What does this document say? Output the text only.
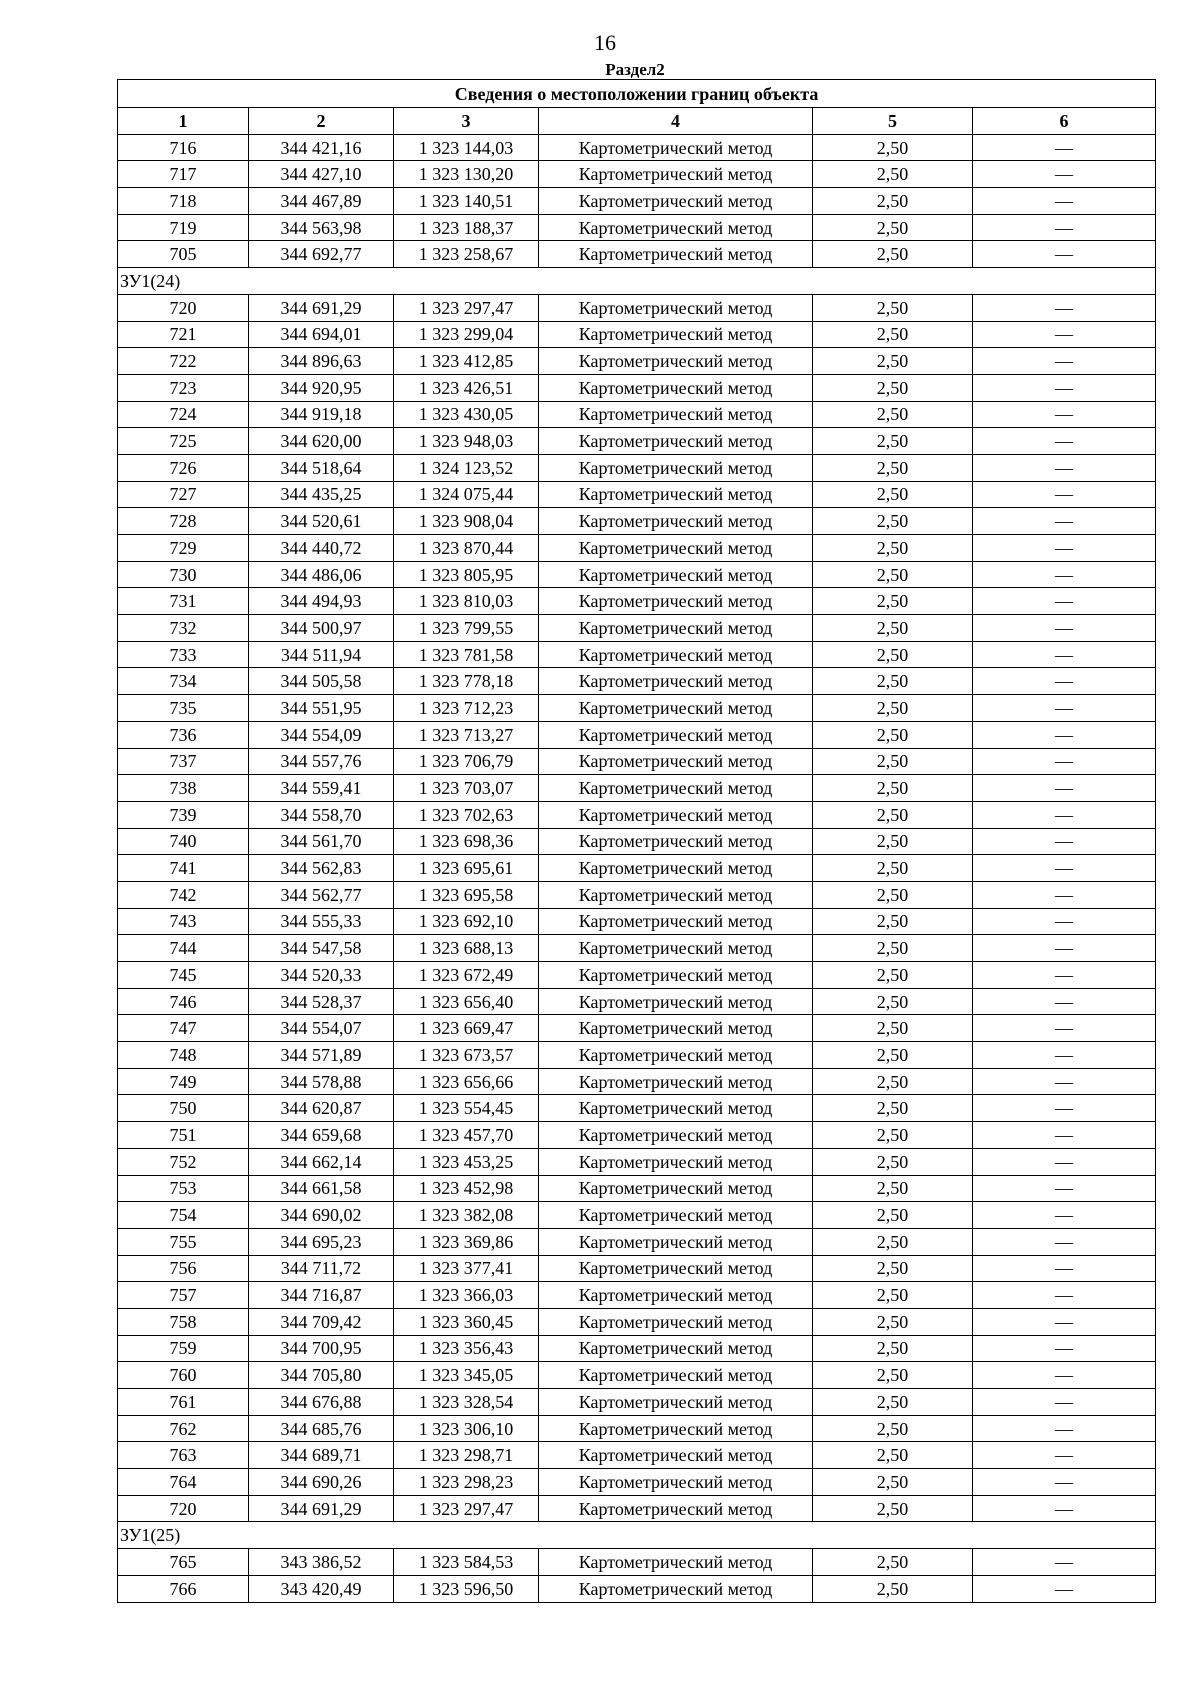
16
Раздел2
Сведения о местоположении границ объекта					
1	2	3	4	5	6
716	344 421,16	1 323 144,03	Картометрический метод	2,50	—
717	344 427,10	1 323 130,20	Картометрический метод	2,50	—
718	344 467,89	1 323 140,51	Картометрический метод	2,50	—
719	344 563,98	1 323 188,37	Картометрический метод	2,50	—
705	344 692,77	1 323 258,67	Картометрический метод	2,50	—
ЗУ1(24)					
720	344 691,29	1 323 297,47	Картометрический метод	2,50	—
721	344 694,01	1 323 299,04	Картометрический метод	2,50	—
722	344 896,63	1 323 412,85	Картометрический метод	2,50	—
723	344 920,95	1 323 426,51	Картометрический метод	2,50	—
724	344 919,18	1 323 430,05	Картометрический метод	2,50	—
725	344 620,00	1 323 948,03	Картометрический метод	2,50	—
726	344 518,64	1 324 123,52	Картометрический метод	2,50	—
727	344 435,25	1 324 075,44	Картометрический метод	2,50	—
728	344 520,61	1 323 908,04	Картометрический метод	2,50	—
729	344 440,72	1 323 870,44	Картометрический метод	2,50	—
730	344 486,06	1 323 805,95	Картометрический метод	2,50	—
731	344 494,93	1 323 810,03	Картометрический метод	2,50	—
732	344 500,97	1 323 799,55	Картометрический метод	2,50	—
733	344 511,94	1 323 781,58	Картометрический метод	2,50	—
734	344 505,58	1 323 778,18	Картометрический метод	2,50	—
735	344 551,95	1 323 712,23	Картометрический метод	2,50	—
736	344 554,09	1 323 713,27	Картометрический метод	2,50	—
737	344 557,76	1 323 706,79	Картометрический метод	2,50	—
738	344 559,41	1 323 703,07	Картометрический метод	2,50	—
739	344 558,70	1 323 702,63	Картометрический метод	2,50	—
740	344 561,70	1 323 698,36	Картометрический метод	2,50	—
741	344 562,83	1 323 695,61	Картометрический метод	2,50	—
742	344 562,77	1 323 695,58	Картометрический метод	2,50	—
743	344 555,33	1 323 692,10	Картометрический метод	2,50	—
744	344 547,58	1 323 688,13	Картометрический метод	2,50	—
745	344 520,33	1 323 672,49	Картометрический метод	2,50	—
746	344 528,37	1 323 656,40	Картометрический метод	2,50	—
747	344 554,07	1 323 669,47	Картометрический метод	2,50	—
748	344 571,89	1 323 673,57	Картометрический метод	2,50	—
749	344 578,88	1 323 656,66	Картометрический метод	2,50	—
750	344 620,87	1 323 554,45	Картометрический метод	2,50	—
751	344 659,68	1 323 457,70	Картометрический метод	2,50	—
752	344 662,14	1 323 453,25	Картометрический метод	2,50	—
753	344 661,58	1 323 452,98	Картометрический метод	2,50	—
754	344 690,02	1 323 382,08	Картометрический метод	2,50	—
755	344 695,23	1 323 369,86	Картометрический метод	2,50	—
756	344 711,72	1 323 377,41	Картометрический метод	2,50	—
757	344 716,87	1 323 366,03	Картометрический метод	2,50	—
758	344 709,42	1 323 360,45	Картометрический метод	2,50	—
759	344 700,95	1 323 356,43	Картометрический метод	2,50	—
760	344 705,80	1 323 345,05	Картометрический метод	2,50	—
761	344 676,88	1 323 328,54	Картометрический метод	2,50	—
762	344 685,76	1 323 306,10	Картометрический метод	2,50	—
763	344 689,71	1 323 298,71	Картометрический метод	2,50	—
764	344 690,26	1 323 298,23	Картометрический метод	2,50	—
720	344 691,29	1 323 297,47	Картометрический метод	2,50	—
ЗУ1(25)					
765	343 386,52	1 323 584,53	Картометрический метод	2,50	—
766	343 420,49	1 323 596,50	Картометрический метод	2,50	—
